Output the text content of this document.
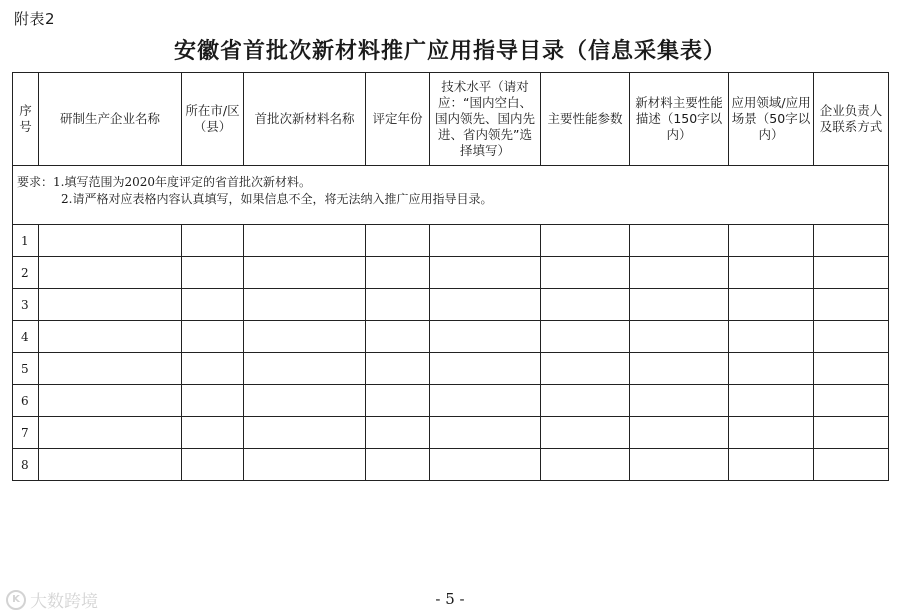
附表2
安徽省首批次新材料推广应用指导目录（信息采集表）
序号	研制生产企业名称	所在市/区（县）	首批次新材料名称	评定年份	技术水平（请对应：“国内空白、国内领先、国内先进、省内领先”选择填写）	主要性能参数	新材料主要性能描述（150字以内）	应用领域/应用场景（50字以内）	企业负责人及联系方式

要求：1.填写范围为2020年度评定的省首批次新材料。
2.请严格对应表格内容认真填写，如果信息不全，将无法纳入推广应用指导目录。									

1									
2									
3									
4									
5									
6									
7									
8									
- 5 -
K 大数跨境
